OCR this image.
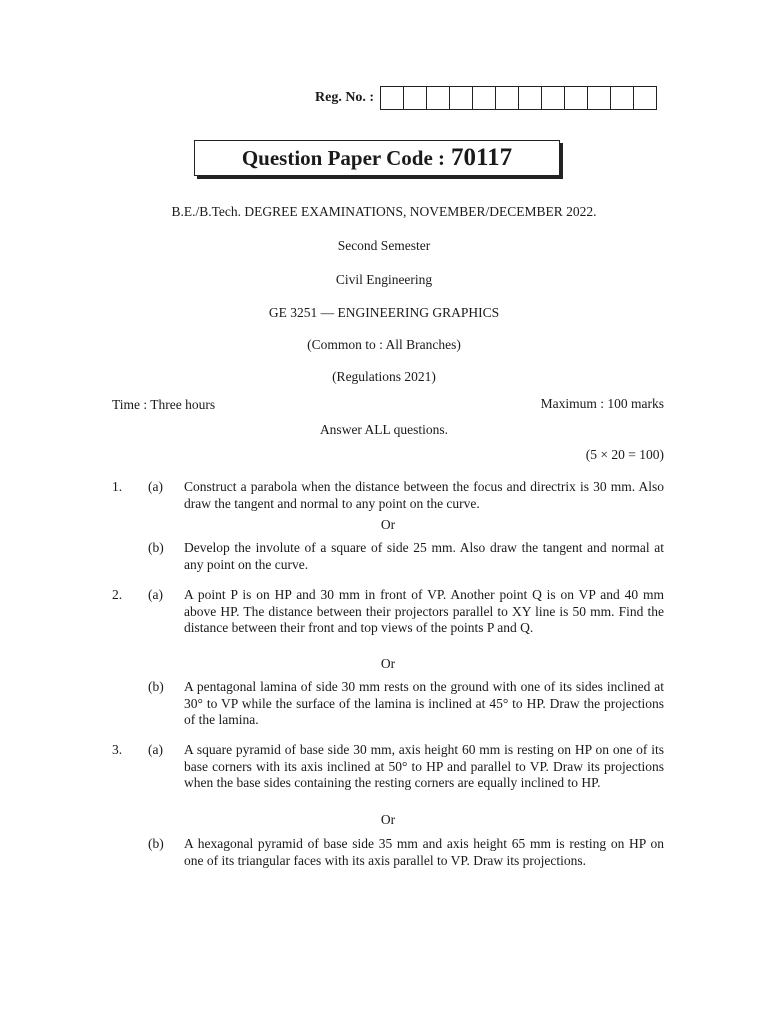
Reg. No. :
Question Paper Code : 70117
B.E./B.Tech. DEGREE EXAMINATIONS, NOVEMBER/DECEMBER 2022.
Second Semester
Civil Engineering
GE 3251 — ENGINEERING GRAPHICS
(Common to : All Branches)
(Regulations 2021)
Time : Three hours	Maximum : 100 marks
Answer ALL questions.
(5 × 20 = 100)
1. (a) Construct a parabola when the distance between the focus and directrix is 30 mm. Also draw the tangent and normal to any point on the curve.
Or
(b) Develop the involute of a square of side 25 mm. Also draw the tangent and normal at any point on the curve.
2. (a) A point P is on HP and 30 mm in front of VP. Another point Q is on VP and 40 mm above HP. The distance between their projectors parallel to XY line is 50 mm. Find the distance between their front and top views of the points P and Q.
Or
(b) A pentagonal lamina of side 30 mm rests on the ground with one of its sides inclined at 30° to VP while the surface of the lamina is inclined at 45° to HP. Draw the projections of the lamina.
3. (a) A square pyramid of base side 30 mm, axis height 60 mm is resting on HP on one of its base corners with its axis inclined at 50° to HP and parallel to VP. Draw its projections when the base sides containing the resting corners are equally inclined to HP.
Or
(b) A hexagonal pyramid of base side 35 mm and axis height 65 mm is resting on HP on one of its triangular faces with its axis parallel to VP. Draw its projections.
